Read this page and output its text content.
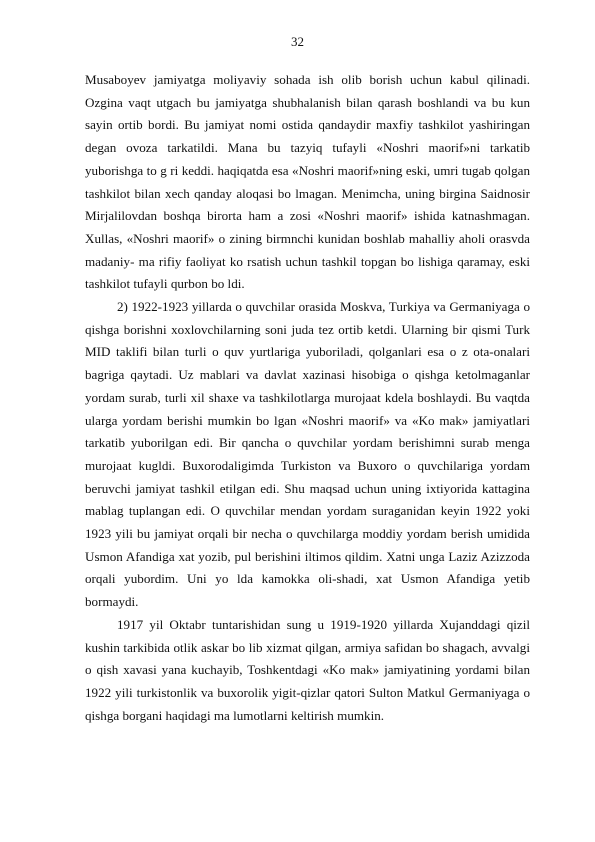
32

Musaboyev jamiyatga moliyaviy sohada ish olib borish uchun kabul qilinadi. Ozgina vaqt utgach bu jamiyatga shubhalanish bilan qarash boshlandi va bu kun sayin ortib bordi. Bu jamiyat nomi ostida qandaydir maxfiy tashkilot yashiringan degan ovoza tarkatildi. Mana bu tazyiq tufayli «Noshri maorif»ni tarkatib yuborishga to g ri keddi. haqiqatda esa «Noshri maorif»ning eski, umri tugab qolgan tashkilot bilan xech qanday aloqasi bo lmagan. Menimcha, uning birgina Saidnosir Mirjalilovdan boshqa birorta ham a zosi «Noshri maorif» ishida katnashmagan. Xullas, «Noshri maorif» o zining birmnchi kunidan boshlab mahalliy aholi orasvda madaniy- ma rifiy faoliyat ko rsatish uchun tashkil topgan bo lishiga qaramay, eski tashkilot tufayli qurbon bo ldi.

2) 1922-1923 yillarda o quvchilar orasida Moskva, Turkiya va Germaniyaga o qishga borishni xoxlovchilarning soni juda tez ortib ketdi. Ularning bir qismi Turk MID taklifi bilan turli o quv yurtlariga yuboriladi, qolganlari esa o z ota-onalari bagriga qaytadi. Uz mablari va davlat xazinasi hisobiga o qishga ketolmaganlar yordam surab, turli xil shaxe va tashkilotlarga murojaat kdela boshlaydi. Bu vaqtda ularga yordam berishi mumkin bo lgan «Noshri maorif» va «Ko mak» jamiyatlari tarkatib yuborilgan edi. Bir qancha o quvchilar yordam berishimni surab menga murojaat kugldi. Buxorodaligimda Turkiston va Buxoro o quvchilariga yordam beruvchi jamiyat tashkil etilgan edi. Shu maqsad uchun uning ixtiyorida kattagina mablag tuplangan edi. O quvchilar mendan yordam suraganidan keyin 1922 yoki 1923 yili bu jamiyat orqali bir necha o quvchilarga moddiy yordam berish umidida Usmon Afandiga xat yozib, pul berishini iltimos qildim. Xatni unga Laziz Azizzoda orqali yubordim. Uni yo lda kamokka oli-shadi, xat Usmon Afandiga yetib bormaydi.

1917 yil Oktabr tuntarishidan sung u 1919-1920 yillarda Xujanddagi qizil kushin tarkibida otlik askar bo lib xizmat qilgan, armiya safidan bo shagach, avvalgi o qish xavasi yana kuchayib, Toshkentdagi «Ko mak» jamiyatining yordami bilan 1922 yili turkistonlik va buxorolik yigit-qizlar qatori Sulton Matkul Germaniyaga o qishga borgani haqidagi ma lumotlarni keltirish mumkin.
